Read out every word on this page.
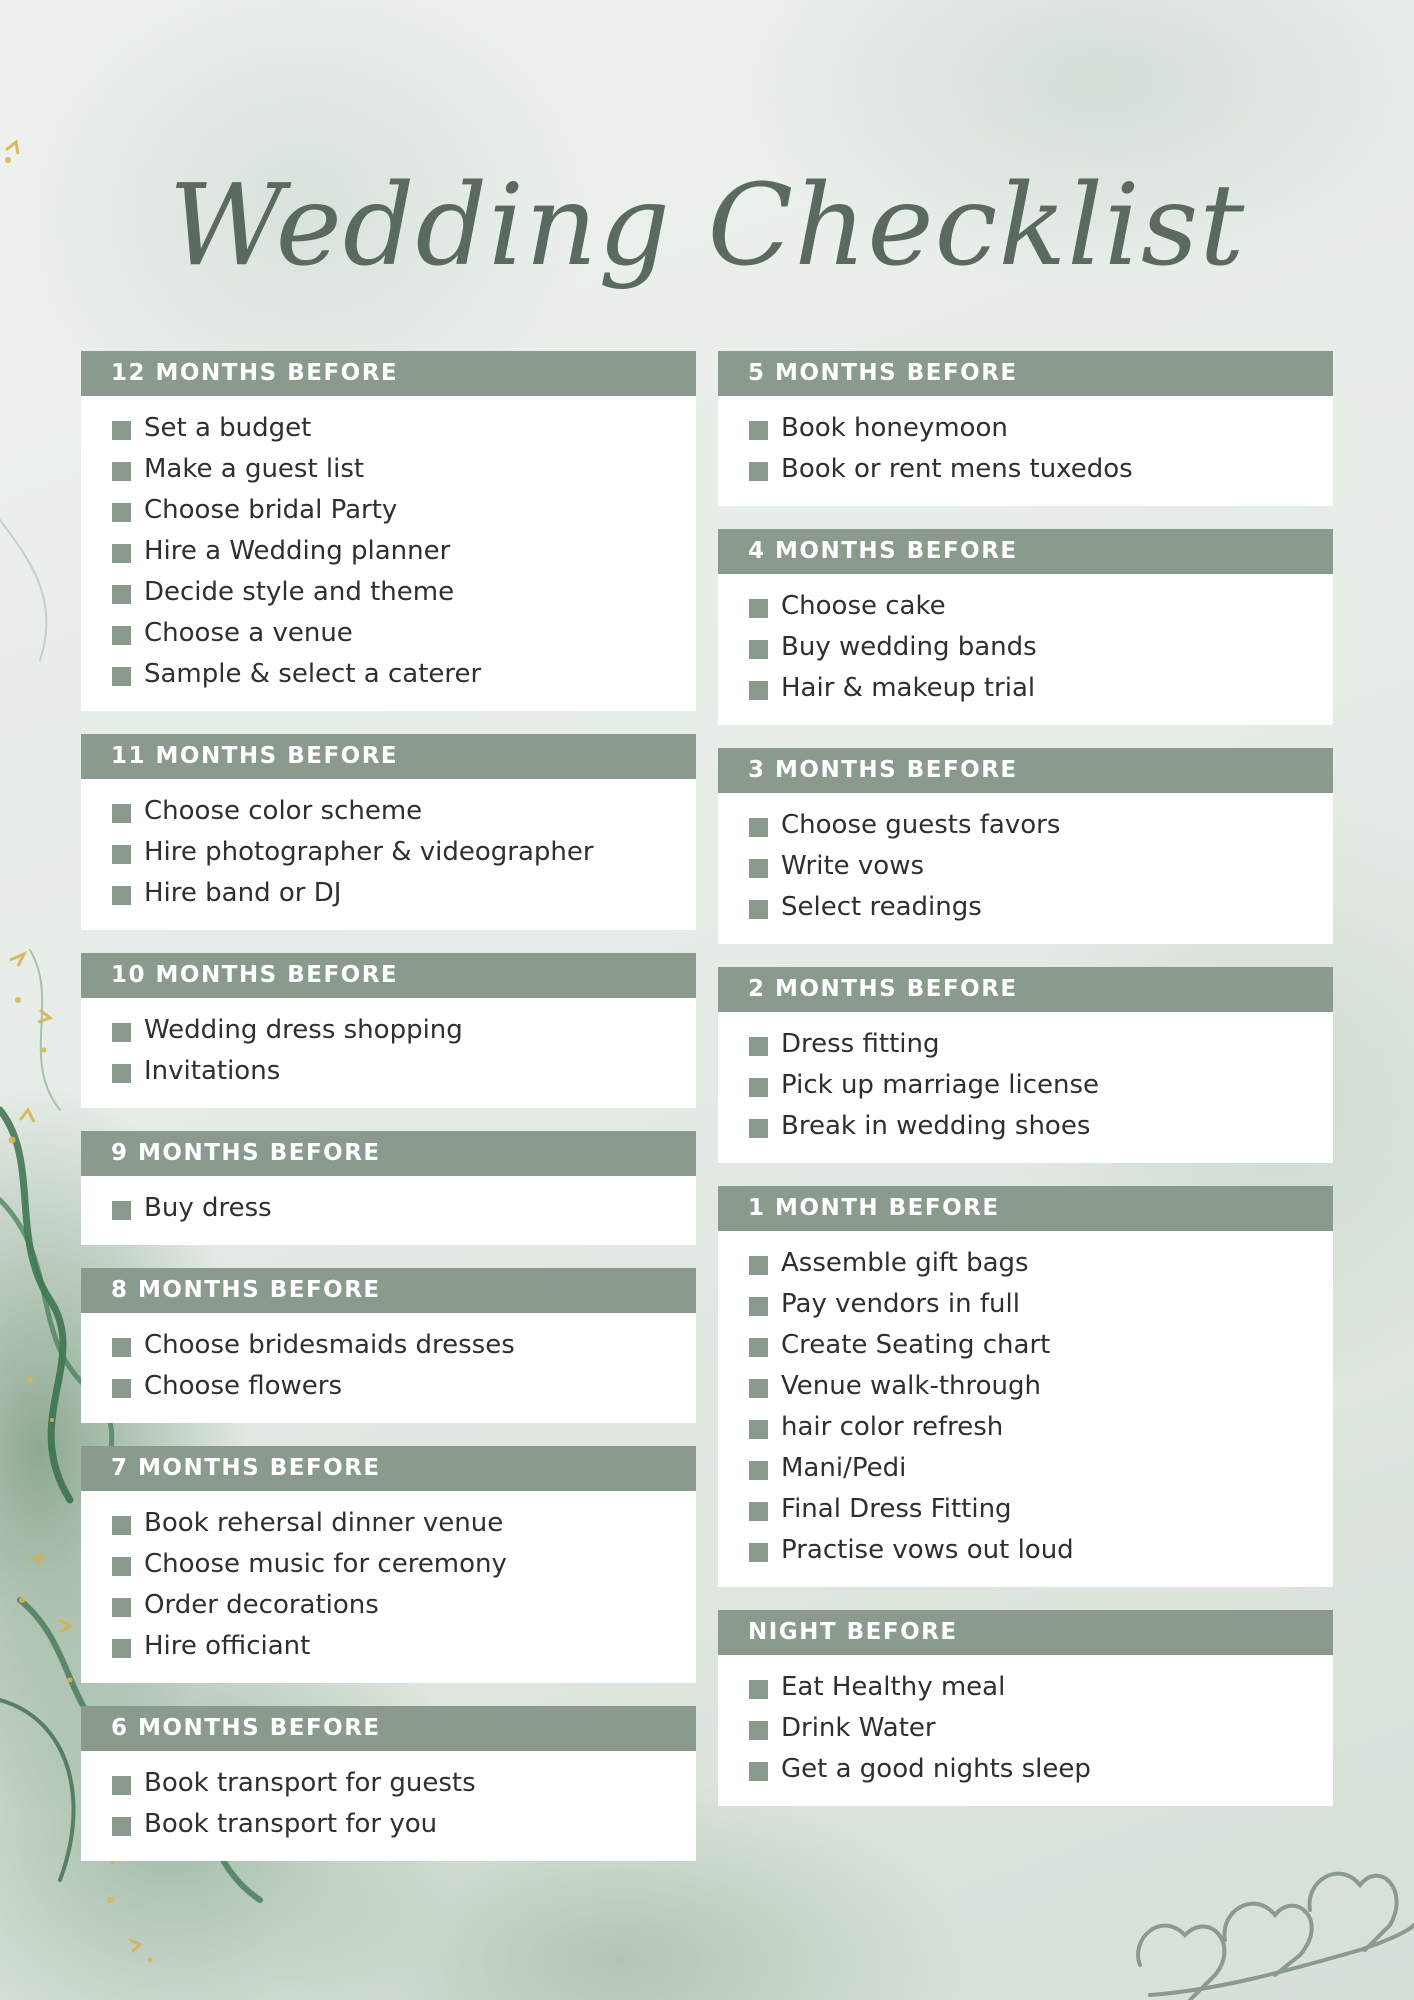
Wedding Checklist
12 MONTHS BEFORE
Set a budget
Make a guest list
Choose bridal Party
Hire a Wedding planner
Decide style and theme
Choose a venue
Sample & select a caterer
11 MONTHS BEFORE
Choose color scheme
Hire photographer & videographer
Hire band or DJ
10 MONTHS BEFORE
Wedding dress shopping
Invitations
9 MONTHS BEFORE
Buy dress
8 MONTHS BEFORE
Choose bridesmaids dresses
Choose flowers
7 MONTHS BEFORE
Book rehersal dinner venue
Choose music for ceremony
Order decorations
Hire officiant
6 MONTHS BEFORE
Book transport for guests
Book transport for you
5 MONTHS BEFORE
Book honeymoon
Book or rent mens tuxedos
4 MONTHS BEFORE
Choose cake
Buy wedding bands
Hair & makeup trial
3 MONTHS BEFORE
Choose guests favors
Write vows
Select readings
2 MONTHS BEFORE
Dress fitting
Pick up marriage license
Break in wedding shoes
1 MONTH BEFORE
Assemble gift bags
Pay vendors in full
Create Seating chart
Venue walk-through
hair color refresh
Mani/Pedi
Final Dress Fitting
Practise vows out loud
NIGHT BEFORE
Eat Healthy meal
Drink Water
Get a good nights sleep
